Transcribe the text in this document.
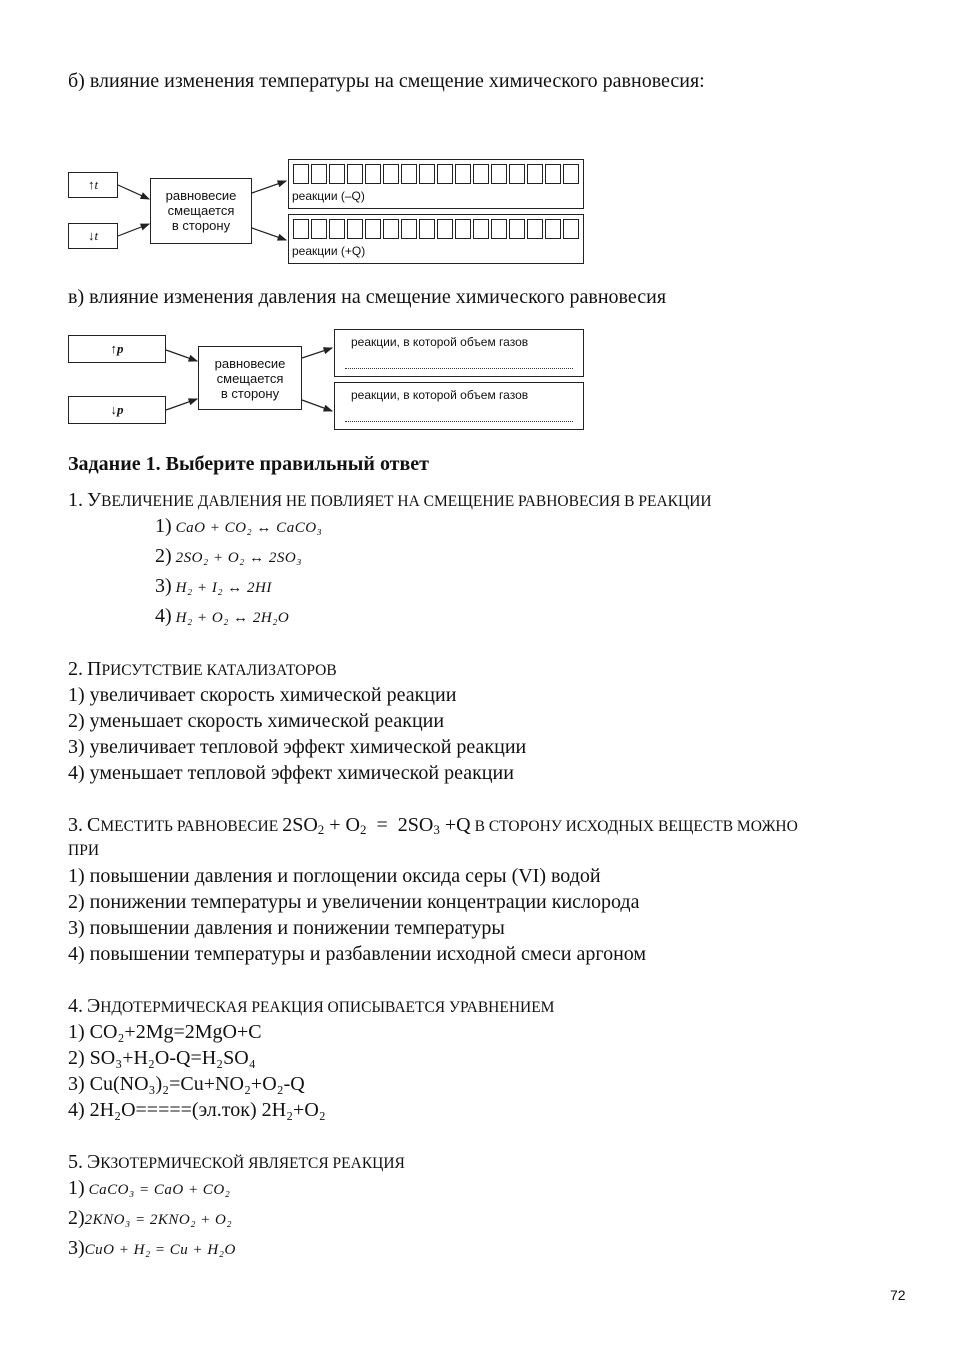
б) влияние изменения температуры на смещение химического равновесия:
↑t
↓t
равновесие
смещается
в сторону
реакции (–Q)
реакции (+Q)
в) влияние изменения давления на смещение химического равновесия
↑p
↓p
равновесие
смещается
в сторону
реакции, в которой объем газов
реакции, в которой объем газов
Задание 1. Выберите правильный ответ
1. УВЕЛИЧЕНИЕ ДАВЛЕНИЯ НЕ ПОВЛИЯЕТ НА СМЕЩЕНИЕ РАВНОВЕСИЯ В РЕАКЦИИ
1) CaO + CO₂ ↔ CaCO₃
2) 2SO₂ + O₂ ↔ 2SO₃
3) H₂ + I₂ ↔ 2HI
4) H₂ + O₂ ↔ 2H₂O
2. ПРИСУТСТВИЕ КАТАЛИЗАТОРОВ
1) увеличивает скорость химической реакции
2) уменьшает скорость химической реакции
3) увеличивает тепловой эффект химической реакции
4) уменьшает тепловой эффект химической реакции
3. СМЕСТИТЬ РАВНОВЕСИЕ $2SO_2 + O_2 = 2SO_3 +Q$ В СТОРОНУ ИСХОДНЫХ ВЕЩЕСТВ МОЖНО
ПРИ
1) повышении давления и поглощении оксида серы (VI) водой
2) понижении температуры и увеличении концентрации кислорода
3) повышении давления и понижении температуры
4) повышении температуры и разбавлении исходной смеси аргоном
4. ЭНДОТЕРМИЧЕСКАЯ РЕАКЦИЯ ОПИСЫВАЕТСЯ УРАВНЕНИЕМ
1) CO₂+2Mg=2MgO+C
2) SO₃+H₂O-Q=H₂SO₄
3) Cu(NO₃)₂=Cu+NO₂+O₂-Q
4) 2H₂O=====(эл.ток) 2H₂+O₂
5. ЭКЗОТЕРМИЧЕСКОЙ ЯВЛЯЕТСЯ РЕАКЦИЯ
1) CaCO₃ = CaO + CO₂
2)2KNO₃ = 2KNO₂ + O₂
3)CuO + H₂ = Cu + H₂O
72
